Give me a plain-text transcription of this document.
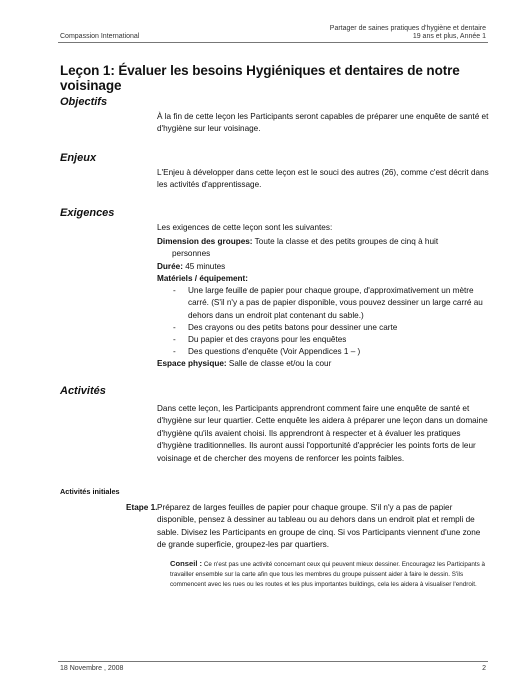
Compassion International
Partager de saines pratiques d'hygiène et dentaire
19 ans et plus, Année 1
Leçon 1: Évaluer les besoins Hygiéniques et dentaires de notre voisinage
Objectifs
À la fin de cette leçon les Participants seront capables de préparer une enquête de santé et d'hygiène sur leur voisinage.
Enjeux
L'Enjeu à développer dans cette leçon est le souci des autres (26), comme c'est décrit dans les activités d'apprentissage.
Exigences
Les exigences de cette leçon sont les suivantes:
Dimension des groupes: Toute la classe et des petits groupes de cinq à huit
personnes
Durée: 45 minutes
Matériels / équipement:
- Une large feuille de papier pour chaque groupe, d'approximativement un mètre carré. (S'il n'y a pas de papier disponible, vous pouvez dessiner un large carré au dehors dans un endroit plat contenant du sable.)
- Des crayons ou des petits batons pour dessiner une carte
- Du papier et des crayons pour les enquêtes
- Des questions d'enquête (Voir Appendices 1 – )
Espace physique: Salle de classe et/ou la cour
Activités
Dans cette leçon, les Participants apprendront comment faire une enquête de santé et d'hygiène sur leur quartier. Cette enquête les aidera à préparer une leçon dans un domaine d'hygiène qu'ils avaient choisi. Ils apprendront à respecter et à évaluer les pratiques d'hygiène traditionnelles. Ils auront aussi l'opportunité d'apprécier les points forts de leur voisinage et de chercher des moyens de renforcer les points faibles.
Activités initiales
Etape 1. Préparez de larges feuilles de papier pour chaque groupe. S'il n'y a pas de papier disponible, pensez à dessiner au tableau ou au dehors dans un endroit plat et rempli de sable. Divisez les Participants en groupe de cinq. Si vos Participants viennent d'une zone de grande superficie, groupez-les par quartiers.
Conseil : Ce n'est pas une activité concernant ceux qui peuvent mieux dessiner. Encouragez les Participants à travailler ensemble sur la carte afin que tous les membres du groupe puissent aider à faire le dessin. S'ils commencent avec les rues ou les routes et les plus importantes buildings, cela les aidera à visualiser l'endroit.
18 Novembre , 2008	2
